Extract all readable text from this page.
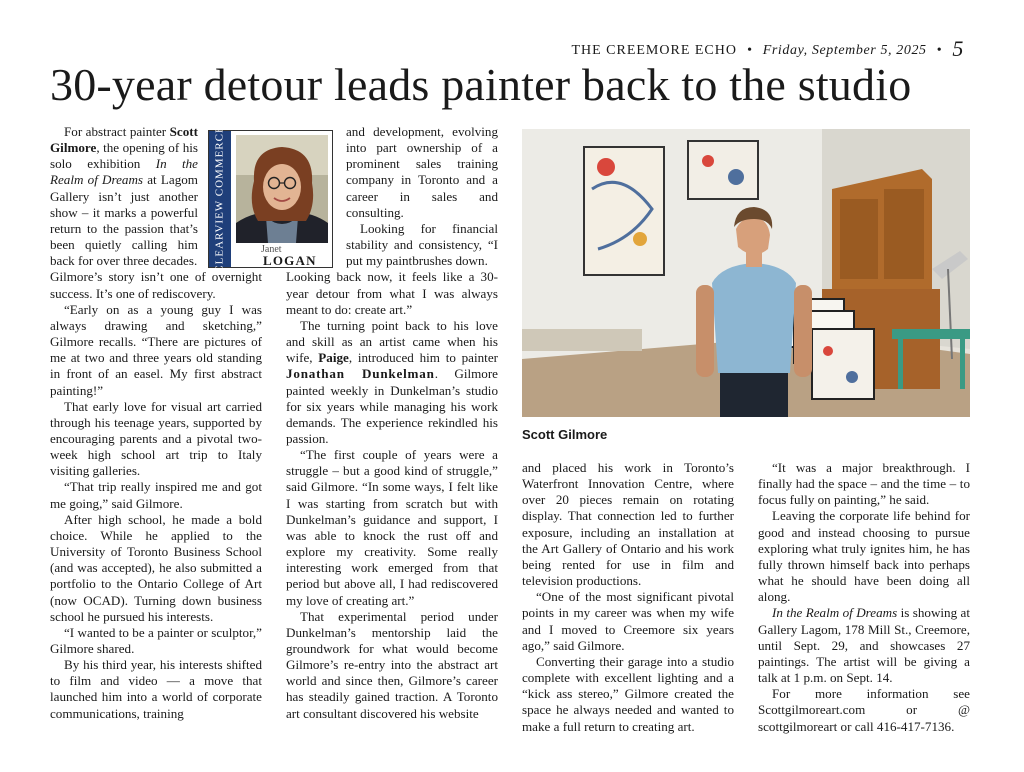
THE CREEMORE ECHO • Friday, September 5, 2025 • 5
30-year detour leads painter back to the studio

For abstract painter Scott Gilmore, the opening of his solo exhibition In the Realm of Dreams at Lagom Gallery isn’t just another show – it marks a powerful return to the passion that’s been quietly calling him back for over three decades.

Gilmore’s story isn’t one of overnight success. It’s one of rediscovery.

“Early on as a young guy I was always drawing and sketching,” Gilmore recalls. “There are pictures of me at two and three years old standing in front of an easel. My first abstract painting!”

That early love for visual art carried through his teenage years, supported by encouraging parents and a pivotal two-week high school art trip to Italy visiting galleries.

“That trip really inspired me and got me going,” said Gilmore.

After high school, he made a bold choice. While he applied to the University of Toronto Business School (and was accepted), he also submitted a portfolio to the Ontario College of Art (now OCAD). Turning down business school he pursued his interests.

“I wanted to be a painter or sculptor,” Gilmore shared.

By his third year, his interests shifted to film and video — a move that launched him into a world of corporate communications, training

CLEARVIEW COMMERCE	Janet
LOGAN

and development, evolving into part ownership of a prominent sales training company in Toronto and a career in sales and consulting.

Looking for financial stability and consistency, “I put my paintbrushes down.

Looking back now, it feels like a 30-year detour from what I was always meant to do: create art.”

The turning point back to his love and skill as an artist came when his wife, Paige, introduced him to painter Jonathan Dunkelman. Gilmore painted weekly in Dunkelman’s studio for six years while managing his work demands. The experience rekindled his passion.

“The first couple of years were a struggle – but a good kind of struggle,” said Gilmore. “In some ways, I felt like I was starting from scratch but with Dunkelman’s guidance and support, I was able to knock the rust off and explore my creativity. Some really interesting work emerged from that period but above all, I had rediscovered my love of creating art.”

That experimental period under Dunkelman’s mentorship laid the groundwork for what would become Gilmore’s re-entry into the abstract art world and since then, Gilmore’s career has steadily gained traction. A Toronto art consultant discovered his website

Scott Gilmore

and placed his work in Toronto’s Waterfront Innovation Centre, where over 20 pieces remain on rotating display. That connection led to further exposure, including an installation at the Art Gallery of Ontario and his work being rented for use in film and television productions.

“One of the most significant pivotal points in my career was when my wife and I moved to Creemore six years ago,” said Gilmore.

Converting their garage into a studio complete with excellent lighting and a “kick ass stereo,” Gilmore created the space he always needed and wanted to make a full return to creating art.

“It was a major breakthrough. I finally had the space – and the time – to focus fully on painting,” he said.

Leaving the corporate life behind for good and instead choosing to pursue exploring what truly ignites him, he has fully thrown himself back into perhaps what he should have been doing all along.

In the Realm of Dreams is showing at Gallery Lagom, 178 Mill St., Creemore, until Sept. 29, and showcases 27 paintings. The artist will be giving a talk at 1 p.m. on Sept. 14.

For more information see Scottgilmoreart.com or @ scottgilmoreart or call 416-417-7136.
